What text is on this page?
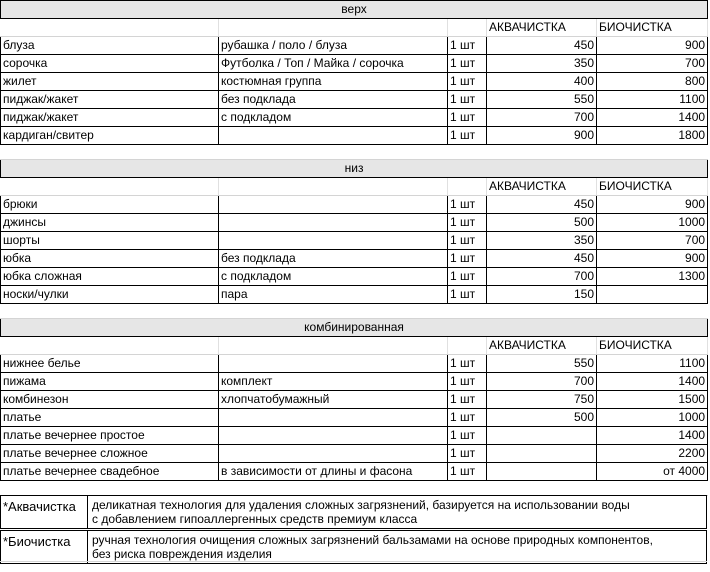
верх				
			АКВАЧИСТКА	БИОЧИСТКА
блуза	рубашка / поло / блуза	1 шт	450	900
сорочка	Футболка / Топ / Майка / сорочка	1 шт	350	700
жилет	костюмная группа	1 шт	400	800
пиджак/жакет	без подклада	1 шт	550	1100
пиджак/жакет	с подкладом	1 шт	700	1400
кардиган/свитер		1 шт	900	1800

низ				
			АКВАЧИСТКА	БИОЧИСТКА
брюки		1 шт	450	900
джинсы		1 шт	500	1000
шорты		1 шт	350	700
юбка	без подклада	1 шт	450	900
юбка сложная	с подкладом	1 шт	700	1300
носки/чулки	пара	1 шт	150	

комбинированная				
			АКВАЧИСТКА	БИОЧИСТКА
нижнее белье		1 шт	550	1100
пижама	комплект	1 шт	700	1400
комбинезон	хлопчатобумажный	1 шт	750	1500
платье		1 шт	500	1000
платье вечернее простое		1 шт		1400
платье вечернее сложное		1 шт		2200
платье вечернее свадебное	в зависимости от длины и фасона	1 шт		от 4000

*Аквачистка	деликатная технология для удаления сложных загрязнений, базируется на использовании воды
с добавлением гипоаллергенных средств премиум класса
*Биочистка	ручная технология очищения сложных загрязнений бальзамами на основе природных компонентов,
без риска повреждения изделия
